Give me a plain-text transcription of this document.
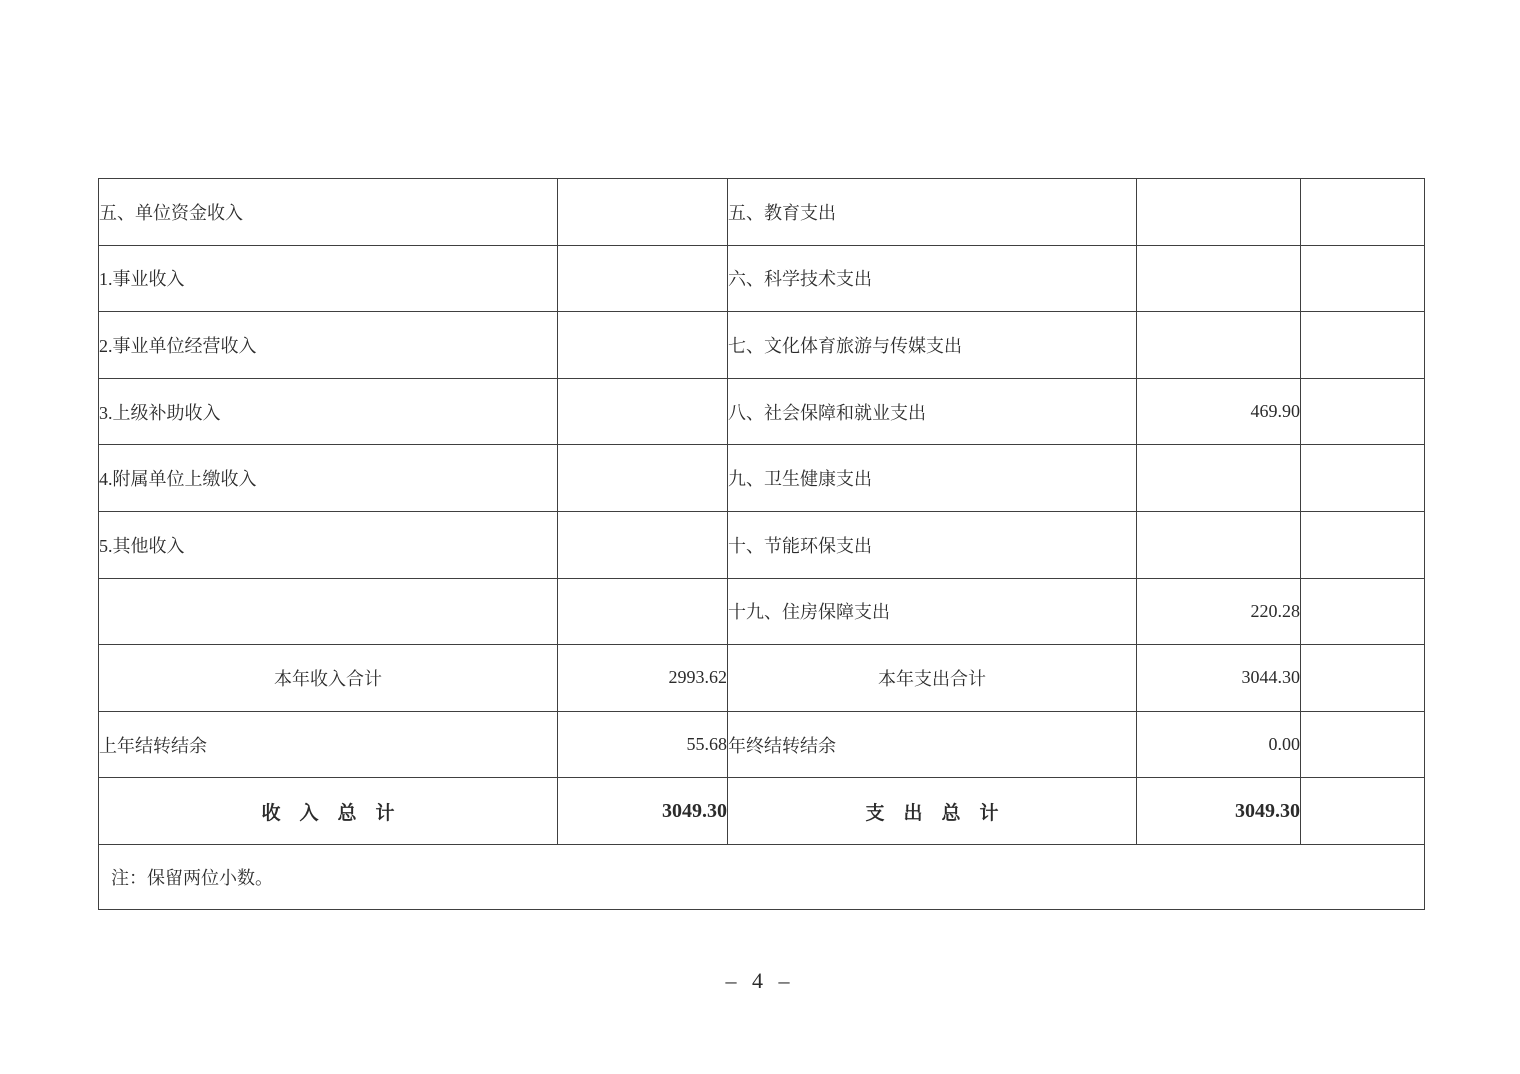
五、单位资金收入		五、教育支出		
1.事业收入		六、科学技术支出		
2.事业单位经营收入		七、文化体育旅游与传媒支出		
3.上级补助收入		八、社会保障和就业支出	469.90	
4.附属单位上缴收入		九、卫生健康支出		
5.其他收入		十、节能环保支出		
		十九、住房保障支出	220.28	
本年收入合计	2993.62	本年支出合计	3044.30	
上年结转结余	55.68	年终结转结余	0.00	
收　入　总　计	3049.30	支　出　总　计	3049.30	
注：保留两位小数。				
– 4 –
